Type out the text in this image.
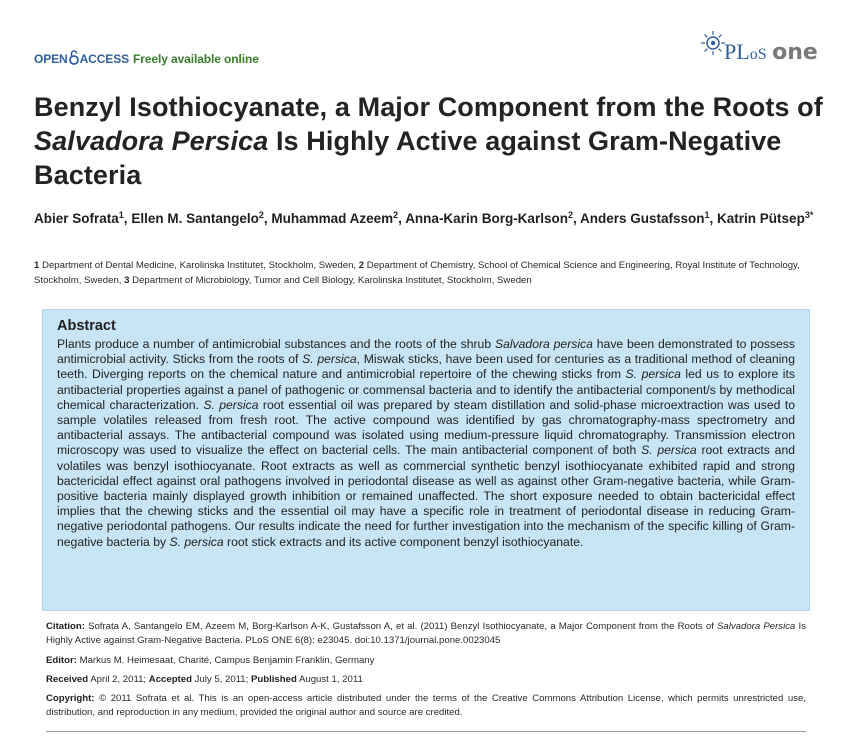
OPEN ACCESS Freely available online	PLoS one
Benzyl Isothiocyanate, a Major Component from the Roots of Salvadora Persica Is Highly Active against Gram-Negative Bacteria
Abier Sofrata$^1$, Ellen M. Santangelo$^2$, Muhammad Azeem$^2$, Anna-Karin Borg-Karlson$^2$, Anders Gustafsson$^1$, Katrin Pütsep$^{3*}$
1 Department of Dental Medicine, Karolinska Institutet, Stockholm, Sweden, 2 Department of Chemistry, School of Chemical Science and Engineering, Royal Institute of Technology, Stockholm, Sweden, 3 Department of Microbiology, Tumor and Cell Biology, Karolinska Institutet, Stockholm, Sweden
Abstract

Plants produce a number of antimicrobial substances and the roots of the shrub Salvadora persica have been demonstrated to possess antimicrobial activity. Sticks from the roots of S. persica, Miswak sticks, have been used for centuries as a traditional method of cleaning teeth. Diverging reports on the chemical nature and antimicrobial repertoire of the chewing sticks from S. persica led us to explore its antibacterial properties against a panel of pathogenic or commensal bacteria and to identify the antibacterial component/s by methodical chemical characterization. S. persica root essential oil was prepared by steam distillation and solid-phase microextraction was used to sample volatiles released from fresh root. The active compound was identified by gas chromatography-mass spectrometry and antibacterial assays. The antibacterial compound was isolated using medium-pressure liquid chromatography. Transmission electron microscopy was used to visualize the effect on bacterial cells. The main antibacterial component of both S. persica root extracts and volatiles was benzyl isothiocyanate. Root extracts as well as commercial synthetic benzyl isothiocyanate exhibited rapid and strong bactericidal effect against oral pathogens involved in periodontal disease as well as against other Gram-negative bacteria, while Gram-positive bacteria mainly displayed growth inhibition or remained unaffected. The short exposure needed to obtain bactericidal effect implies that the chewing sticks and the essential oil may have a specific role in treatment of periodontal disease in reducing Gram-negative periodontal pathogens. Our results indicate the need for further investigation into the mechanism of the specific killing of Gram-negative bacteria by S. persica root stick extracts and its active component benzyl isothiocyanate.

Citation: Sofrata A, Santangelo EM, Azeem M, Borg-Karlson A-K, Gustafsson A, et al. (2011) Benzyl Isothiocyanate, a Major Component from the Roots of Salvadora Persica Is Highly Active against Gram-Negative Bacteria. PLoS ONE 6(8): e23045. doi:10.1371/journal.pone.0023045
Editor: Markus M. Heimesaat, Charité, Campus Benjamin Franklin, Germany
Received April 2, 2011; Accepted July 5, 2011; Published August 1, 2011
Copyright: © 2011 Sofrata et al. This is an open-access article distributed under the terms of the Creative Commons Attribution License, which permits unrestricted use, distribution, and reproduction in any medium, provided the original author and source are credited.
